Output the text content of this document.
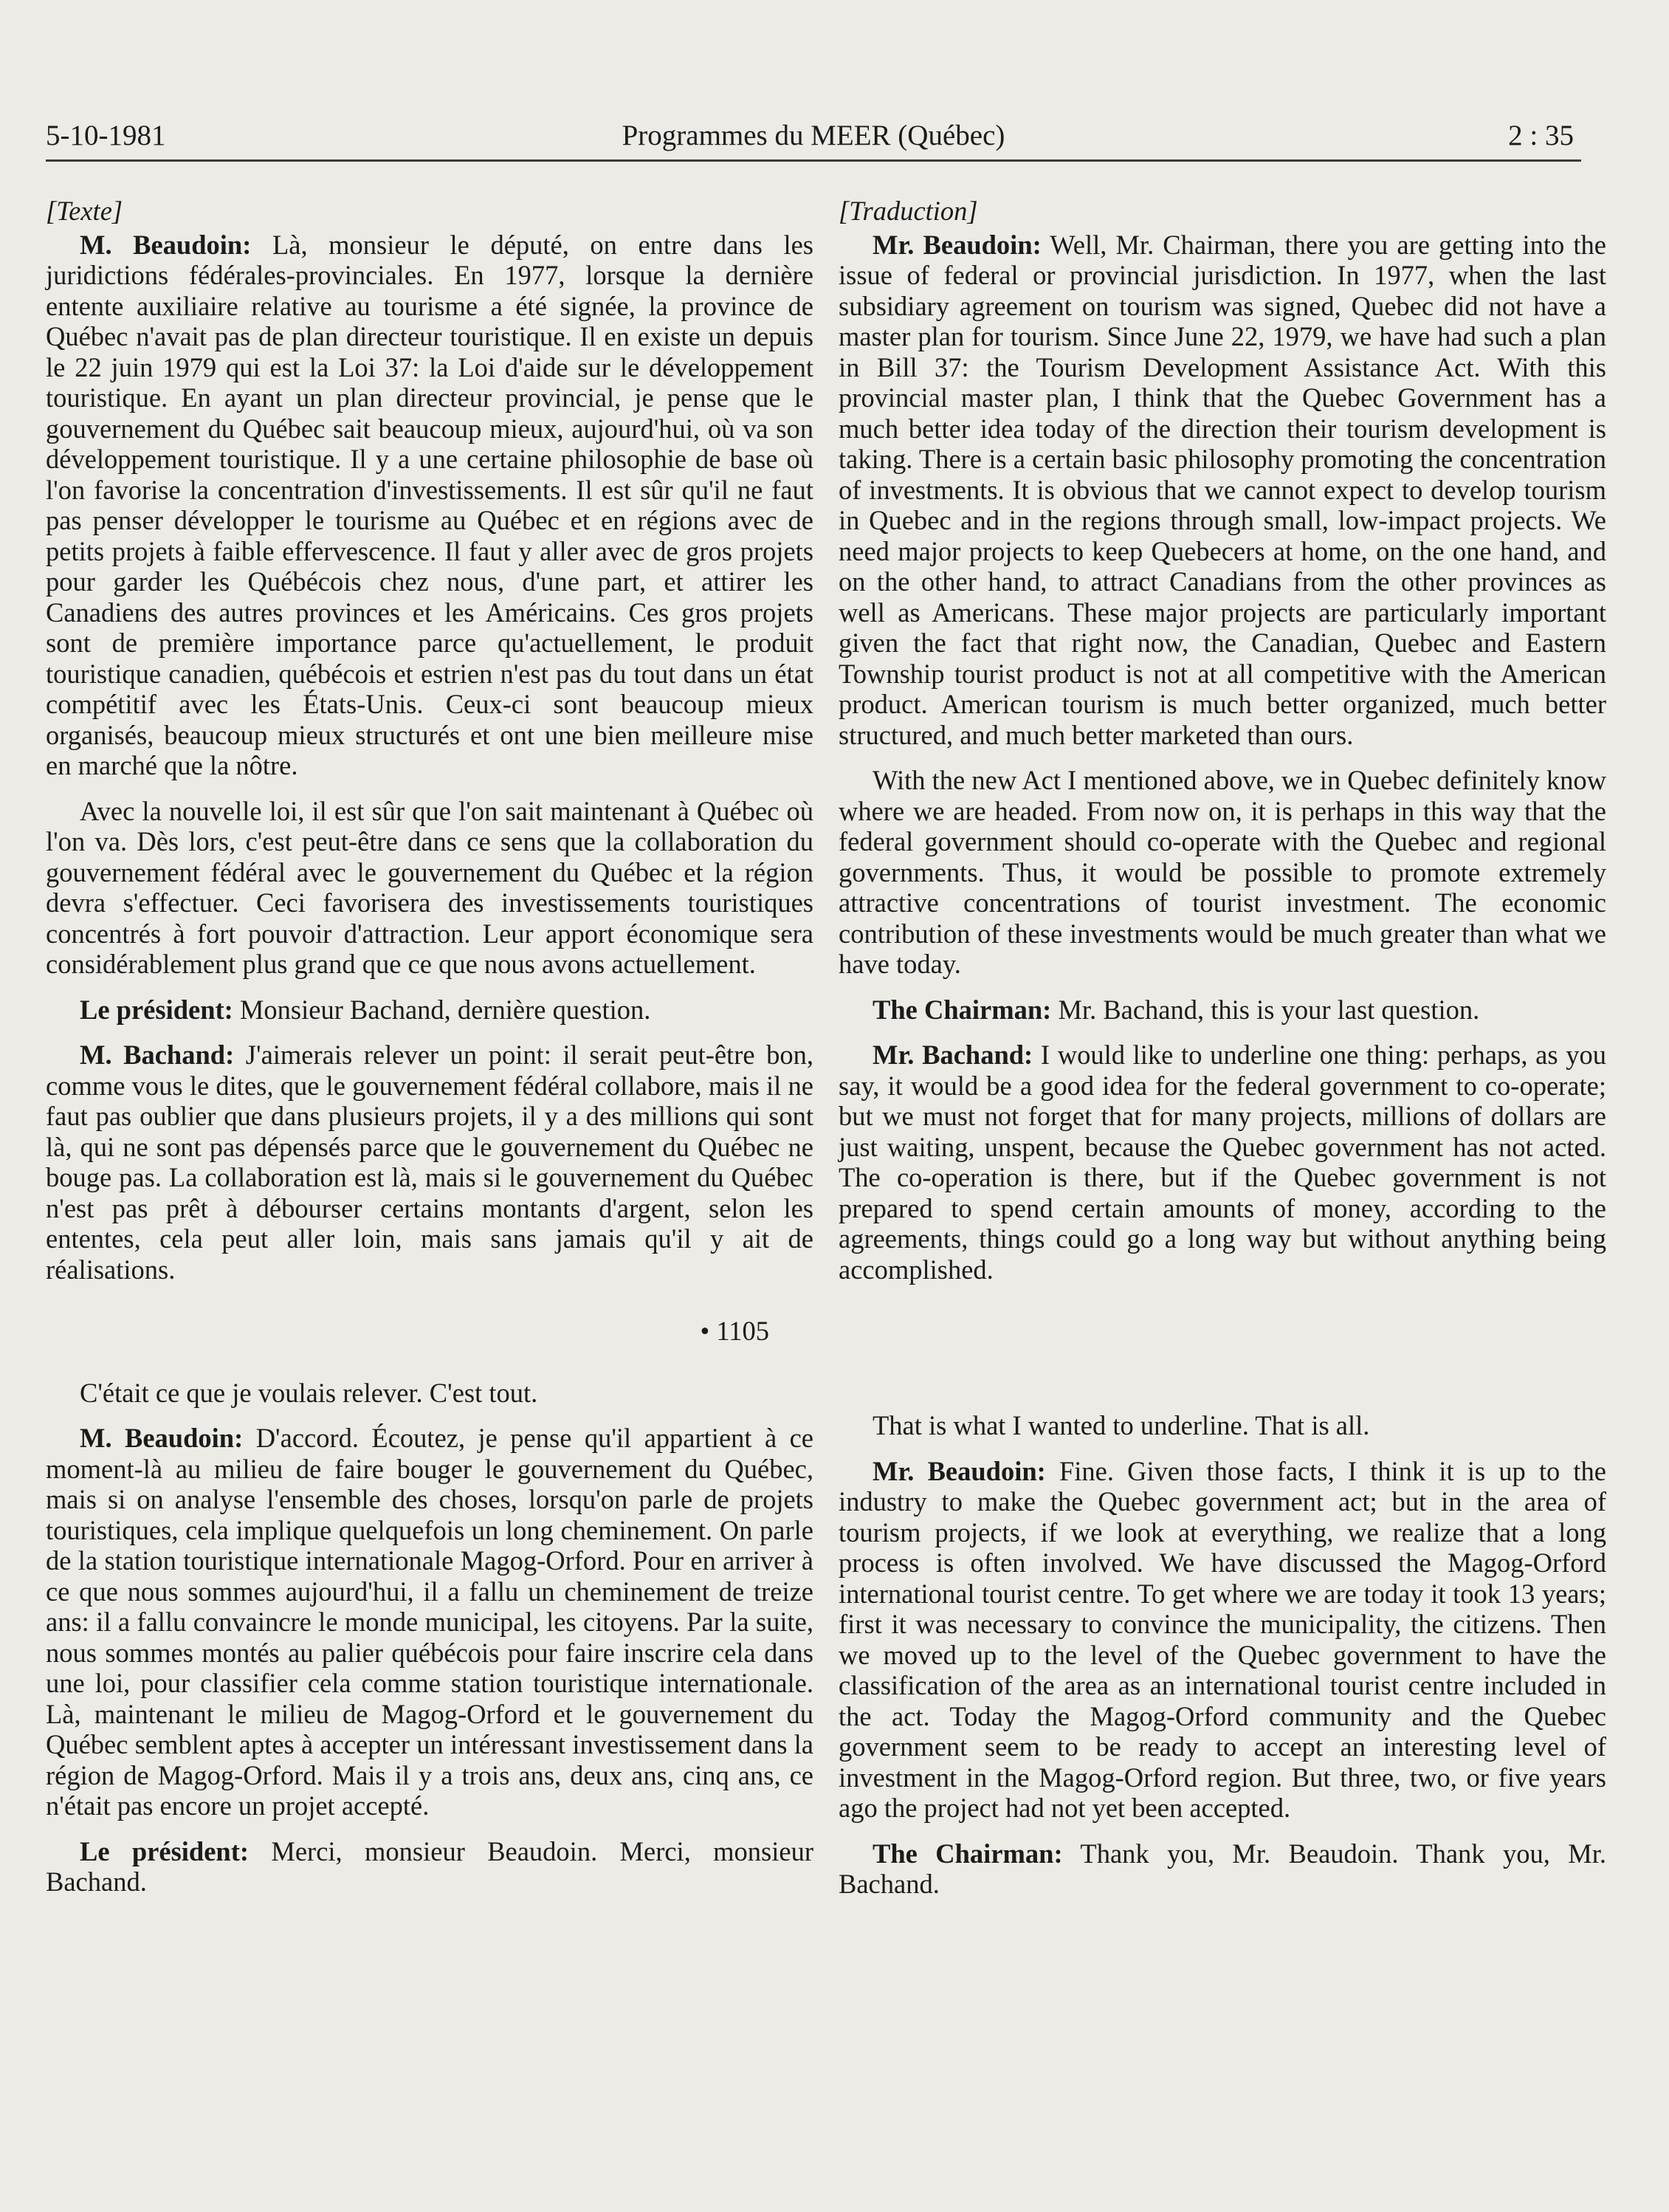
5-10-1981	Programmes du MEER (Québec)	2 : 35

[Texte]

M. Beaudoin: Là, monsieur le député, on entre dans les juridictions fédérales-provinciales. En 1977, lorsque la dernière entente auxiliaire relative au tourisme a été signée, la province de Québec n'avait pas de plan directeur touristique. Il en existe un depuis le 22 juin 1979 qui est la Loi 37: la Loi d'aide sur le développement touristique. En ayant un plan directeur provincial, je pense que le gouvernement du Québec sait beaucoup mieux, aujourd'hui, où va son développement touristique. Il y a une certaine philosophie de base où l'on favorise la concentration d'investissements. Il est sûr qu'il ne faut pas penser développer le tourisme au Québec et en régions avec de petits projets à faible effervescence. Il faut y aller avec de gros projets pour garder les Québécois chez nous, d'une part, et attirer les Canadiens des autres provinces et les Américains. Ces gros projets sont de première importance parce qu'actuellement, le produit touristique canadien, québécois et estrien n'est pas du tout dans un état compétitif avec les États-Unis. Ceux-ci sont beaucoup mieux organisés, beaucoup mieux structurés et ont une bien meilleure mise en marché que la nôtre.

Avec la nouvelle loi, il est sûr que l'on sait maintenant à Québec où l'on va. Dès lors, c'est peut-être dans ce sens que la collaboration du gouvernement fédéral avec le gouvernement du Québec et la région devra s'effectuer. Ceci favorisera des investissements touristiques concentrés à fort pouvoir d'attraction. Leur apport économique sera considérablement plus grand que ce que nous avons actuellement.

Le président: Monsieur Bachand, dernière question.

M. Bachand: J'aimerais relever un point: il serait peut-être bon, comme vous le dites, que le gouvernement fédéral collabore, mais il ne faut pas oublier que dans plusieurs projets, il y a des millions qui sont là, qui ne sont pas dépensés parce que le gouvernement du Québec ne bouge pas. La collaboration est là, mais si le gouvernement du Québec n'est pas prêt à débourser certains montants d'argent, selon les ententes, cela peut aller loin, mais sans jamais qu'il y ait de réalisations.

• 1105

C'était ce que je voulais relever. C'est tout.

M. Beaudoin: D'accord. Écoutez, je pense qu'il appartient à ce moment-là au milieu de faire bouger le gouvernement du Québec, mais si on analyse l'ensemble des choses, lorsqu'on parle de projets touristiques, cela implique quelquefois un long cheminement. On parle de la station touristique internationale Magog-Orford. Pour en arriver à ce que nous sommes aujourd'hui, il a fallu un cheminement de treize ans: il a fallu convaincre le monde municipal, les citoyens. Par la suite, nous sommes montés au palier québécois pour faire inscrire cela dans une loi, pour classifier cela comme station touristique internationale. Là, maintenant le milieu de Magog-Orford et le gouvernement du Québec semblent aptes à accepter un intéressant investissement dans la région de Magog-Orford. Mais il y a trois ans, deux ans, cinq ans, ce n'était pas encore un projet accepté.

Le président: Merci, monsieur Beaudoin. Merci, monsieur Bachand.

[Traduction]

Mr. Beaudoin: Well, Mr. Chairman, there you are getting into the issue of federal or provincial jurisdiction. In 1977, when the last subsidiary agreement on tourism was signed, Quebec did not have a master plan for tourism. Since June 22, 1979, we have had such a plan in Bill 37: the Tourism Development Assistance Act. With this provincial master plan, I think that the Quebec Government has a much better idea today of the direction their tourism development is taking. There is a certain basic philosophy promoting the concentration of investments. It is obvious that we cannot expect to develop tourism in Quebec and in the regions through small, low-impact projects. We need major projects to keep Quebecers at home, on the one hand, and on the other hand, to attract Canadians from the other provinces as well as Americans. These major projects are particularly important given the fact that right now, the Canadian, Quebec and Eastern Township tourist product is not at all competitive with the American product. American tourism is much better organized, much better structured, and much better marketed than ours.

With the new Act I mentioned above, we in Quebec definitely know where we are headed. From now on, it is perhaps in this way that the federal government should co-operate with the Quebec and regional governments. Thus, it would be possible to promote extremely attractive concentrations of tourist investment. The economic contribution of these investments would be much greater than what we have today.

The Chairman: Mr. Bachand, this is your last question.

Mr. Bachand: I would like to underline one thing: perhaps, as you say, it would be a good idea for the federal government to co-operate; but we must not forget that for many projects, millions of dollars are just waiting, unspent, because the Quebec government has not acted. The co-operation is there, but if the Quebec government is not prepared to spend certain amounts of money, according to the agreements, things could go a long way but without anything being accomplished.

That is what I wanted to underline. That is all.

Mr. Beaudoin: Fine. Given those facts, I think it is up to the industry to make the Quebec government act; but in the area of tourism projects, if we look at everything, we realize that a long process is often involved. We have discussed the Magog-Orford international tourist centre. To get where we are today it took 13 years; first it was necessary to convince the municipality, the citizens. Then we moved up to the level of the Quebec government to have the classification of the area as an international tourist centre included in the act. Today the Magog-Orford community and the Quebec government seem to be ready to accept an interesting level of investment in the Magog-Orford region. But three, two, or five years ago the project had not yet been accepted.

The Chairman: Thank you, Mr. Beaudoin. Thank you, Mr. Bachand.
